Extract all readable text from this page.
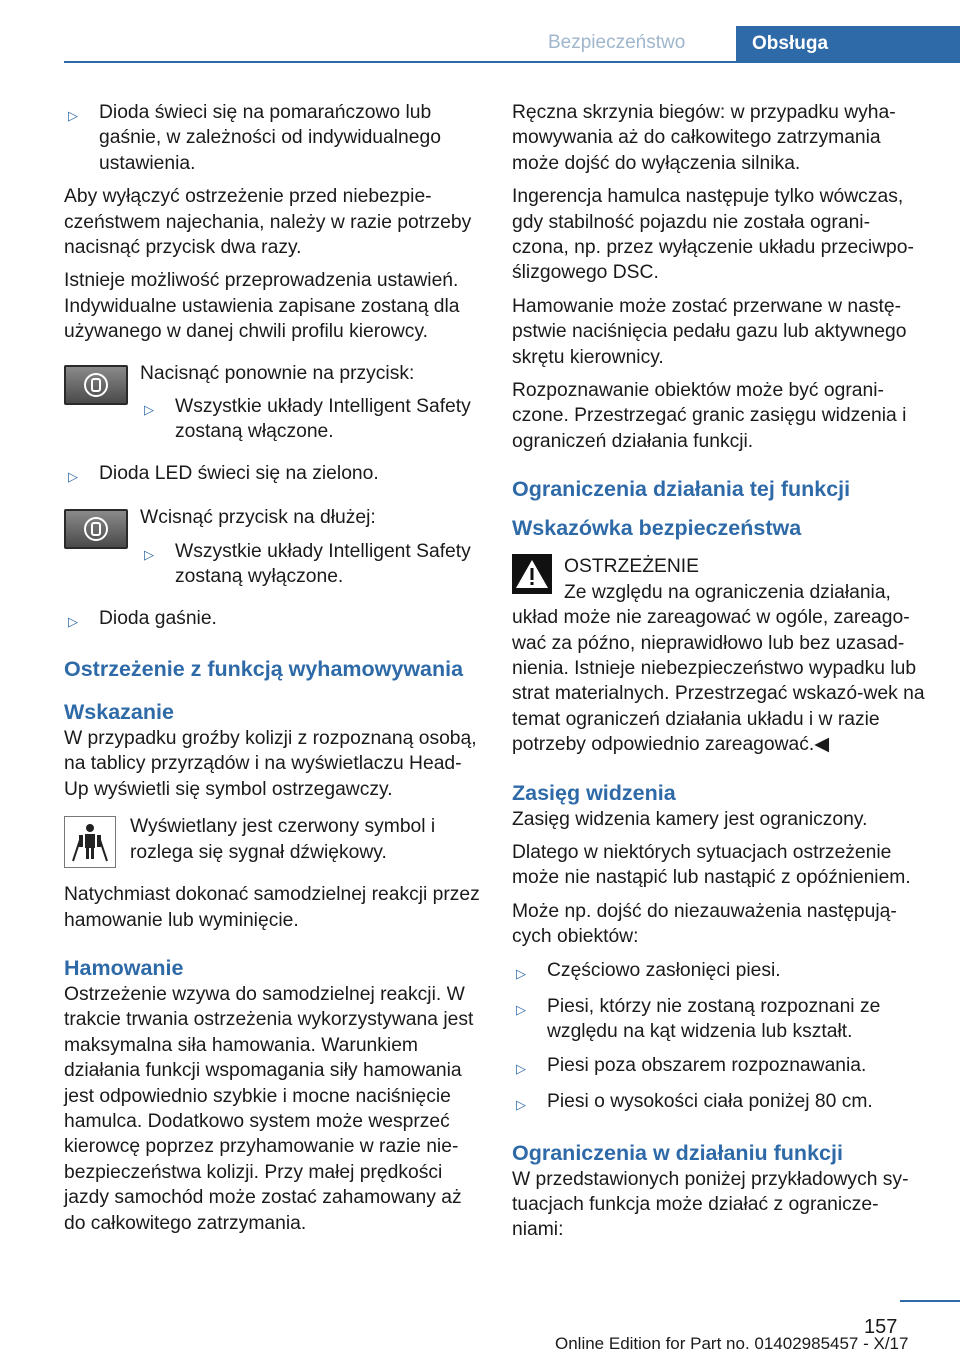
Bezpieczeństwo	Obsługa
▷	Dioda świeci się na pomarańczowo lub gaśnie, w zależności od indywidualnego ustawienia.

Aby wyłączyć ostrzeżenie przed niebezpie‐czeństwem najechania, należy w razie potrzeby nacisnąć przycisk dwa razy.

Istnieje możliwość przeprowadzenia ustawień. Indywidualne ustawienia zapisane zostaną dla używanego w danej chwili profilu kierowcy.

Nacisnąć ponownie na przycisk:

▷	Wszystkie układy Intelligent Safety zostaną włączone.
▷	Dioda LED świeci się na zielono.

Wcisnąć przycisk na dłużej:

▷	Wszystkie układy Intelligent Safety zostaną wyłączone.
▷	Dioda gaśnie.
Ostrzeżenie z funkcją wyhamowywania
Wskazanie

W przypadku groźby kolizji z rozpoznaną osobą, na tablicy przyrządów i na wyświetlaczu Head-Up wyświetli się symbol ostrzegawczy.

Wyświetlany jest czerwony symbol i rozlega się sygnał dźwiękowy.

Natychmiast dokonać samodzielnej reakcji przez hamowanie lub wyminięcie.

Hamowanie

Ostrzeżenie wzywa do samodzielnej reakcji. W trakcie trwania ostrzeżenia wykorzystywana jest maksymalna siła hamowania. Warunkiem działania funkcji wspomagania siły hamowania jest odpowiednio szybkie i mocne naciśnięcie hamulca. Dodatkowo system może wesprzeć kierowcę poprzez przyhamowanie w razie nie‐bezpieczeństwa kolizji. Przy małej prędkości jazdy samochód może zostać zahamowany aż do całkowitego zatrzymania.

Ręczna skrzynia biegów: w przypadku wyha‐mowywania aż do całkowitego zatrzymania może dojść do wyłączenia silnika.

Ingerencja hamulca następuje tylko wówczas, gdy stabilność pojazdu nie została ograni‐czona, np. przez wyłączenie układu przeciwpo‐ślizgowego DSC.

Hamowanie może zostać przerwane w nastę‐pstwie naciśnięcia pedału gazu lub aktywnego skrętu kierownicy.

Rozpoznawanie obiektów może być ograni‐czone. Przestrzegać granic zasięgu widzenia i ograniczeń działania funkcji.

Ograniczenia działania tej funkcji
Wskazówka bezpieczeństwa
OSTRZEŻENIE
Ze względu na ograniczenia działania,

układ może nie zareagować w ogóle, zareago‐wać za późno, nieprawidłowo lub bez uzasad‐nienia. Istnieje niebezpieczeństwo wypadku lub strat materialnych. Przestrzegać wskazó‐wek na temat ograniczeń działania układu i w razie potrzeby odpowiednio zareagować.◀

Zasięg widzenia

Zasięg widzenia kamery jest ograniczony.

Dlatego w niektórych sytuacjach ostrzeżenie może nie nastąpić lub nastąpić z opóźnieniem.

Może np. dojść do niezauważenia następują‐cych obiektów:

▷	Częściowo zasłonięci piesi.
▷	Piesi, którzy nie zostaną rozpoznani ze względu na kąt widzenia lub kształt.
▷	Piesi poza obszarem rozpoznawania.
▷	Piesi o wysokości ciała poniżej 80 cm.
Ograniczenia w działaniu funkcji

W przedstawionych poniżej przykładowych sy‐tuacjach funkcja może działać z ogranicze‐niami:

157
Online Edition for Part no. 01402985457 - X/17
